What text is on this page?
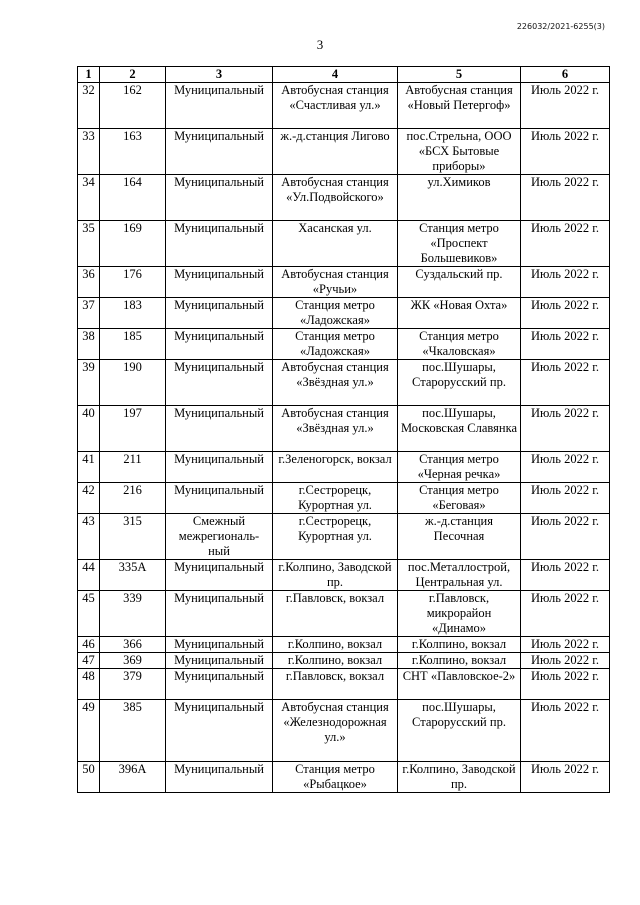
226032/2021-6255(3)
3
1	2	3	4	5	6
32	162	Муниципальный	Автобусная станция «Счастливая ул.»	Автобусная станция «Новый Петергоф»	Июль 2022 г.
33	163	Муниципальный	ж.-д.станция Лигово	пос.Стрельна, ООО «БСХ Бытовые приборы»	Июль 2022 г.
34	164	Муниципальный	Автобусная станция «Ул.Подвойского»	ул.Химиков	Июль 2022 г.
35	169	Муниципальный	Хасанская ул.	Станция метро «Проспект Большевиков»	Июль 2022 г.
36	176	Муниципальный	Автобусная станция «Ручьи»	Суздальский пр.	Июль 2022 г.
37	183	Муниципальный	Станция метро «Ладожская»	ЖК «Новая Охта»	Июль 2022 г.
38	185	Муниципальный	Станция метро «Ладожская»	Станция метро «Чкаловская»	Июль 2022 г.
39	190	Муниципальный	Автобусная станция «Звёздная ул.»	пос.Шушары, Старорусский пр.	Июль 2022 г.
40	197	Муниципальный	Автобусная станция «Звёздная ул.»	пос.Шушары, Московская Славянка	Июль 2022 г.
41	211	Муниципальный	г.Зеленогорск, вокзал	Станция метро «Черная речка»	Июль 2022 г.
42	216	Муниципальный	г.Сестрорецк, Курортная ул.	Станция метро «Беговая»	Июль 2022 г.
43	315	Смежный межрегиональ-ный	г.Сестрорецк, Курортная ул.	ж.-д.станция Песочная	Июль 2022 г.
44	335А	Муниципальный	г.Колпино, Заводской пр.	пос.Металлострой, Центральная ул.	Июль 2022 г.
45	339	Муниципальный	г.Павловск, вокзал	г.Павловск, микрорайон «Динамо»	Июль 2022 г.
46	366	Муниципальный	г.Колпино, вокзал	г.Колпино, вокзал	Июль 2022 г.
47	369	Муниципальный	г.Колпино, вокзал	г.Колпино, вокзал	Июль 2022 г.
48	379	Муниципальный	г.Павловск, вокзал	СНТ «Павловское-2»	Июль 2022 г.
49	385	Муниципальный	Автобусная станция «Железнодорожная ул.»	пос.Шушары, Старорусский пр.	Июль 2022 г.
50	396А	Муниципальный	Станция метро «Рыбацкое»	г.Колпино, Заводской пр.	Июль 2022 г.
